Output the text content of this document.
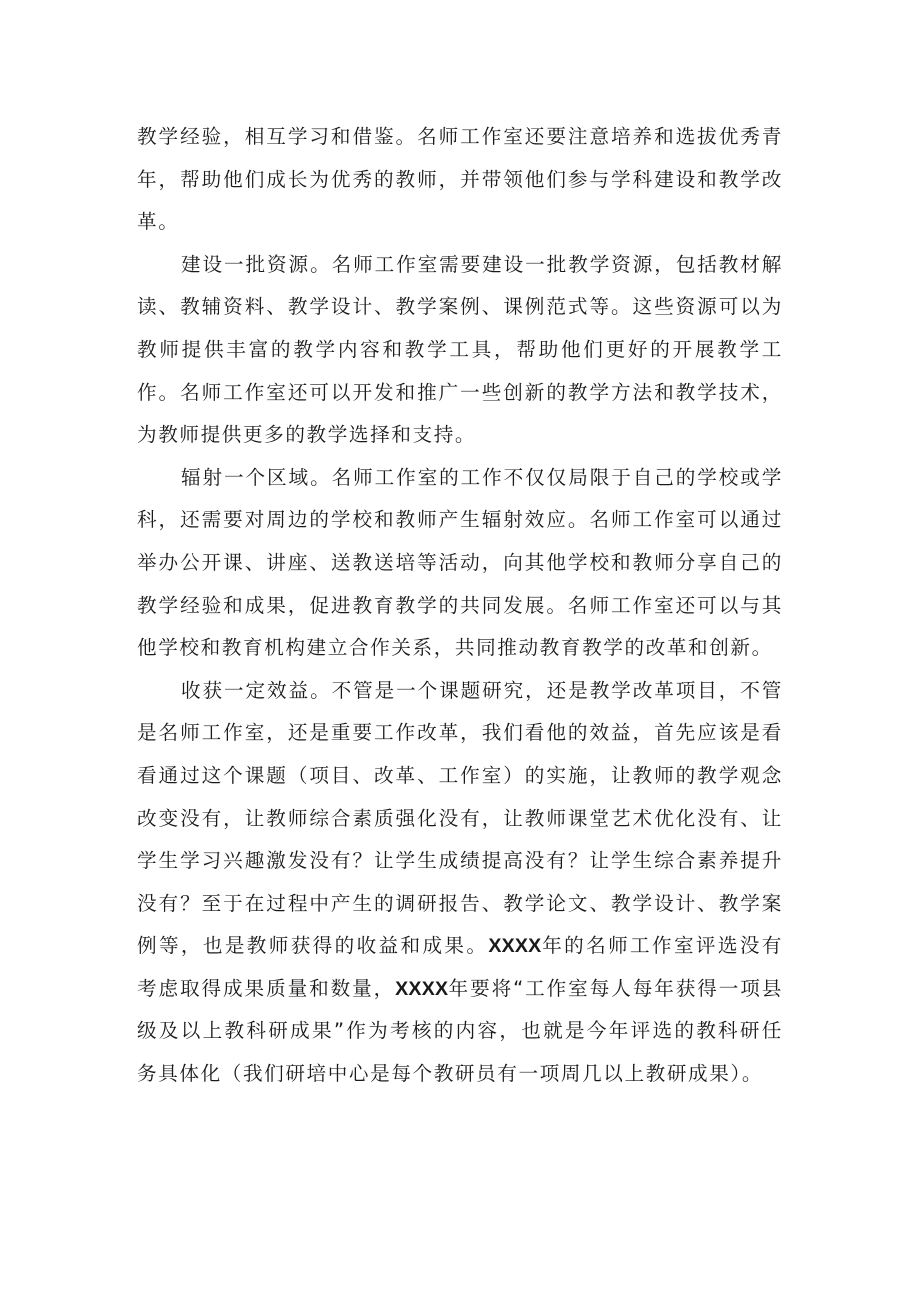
教学经验，相互学习和借鉴。名师工作室还要注意培养和选拔优秀青年，帮助他们成长为优秀的教师，并带领他们参与学科建设和教学改革。

建设一批资源。名师工作室需要建设一批教学资源，包括教材解读、教辅资料、教学设计、教学案例、课例范式等。这些资源可以为教师提供丰富的教学内容和教学工具，帮助他们更好的开展教学工作。名师工作室还可以开发和推广一些创新的教学方法和教学技术，为教师提供更多的教学选择和支持。

辐射一个区域。名师工作室的工作不仅仅局限于自己的学校或学科，还需要对周边的学校和教师产生辐射效应。名师工作室可以通过举办公开课、讲座、送教送培等活动，向其他学校和教师分享自己的教学经验和成果，促进教育教学的共同发展。名师工作室还可以与其他学校和教育机构建立合作关系，共同推动教育教学的改革和创新。

收获一定效益。不管是一个课题研究，还是教学改革项目，不管是名师工作室，还是重要工作改革，我们看他的效益，首先应该是看看通过这个课题（项目、改革、工作室）的实施，让教师的教学观念改变没有，让教师综合素质强化没有，让教师课堂艺术优化没有、让学生学习兴趣激发没有？让学生成绩提高没有？让学生综合素养提升没有？至于在过程中产生的调研报告、教学论文、教学设计、教学案例等，也是教师获得的收益和成果。XXXX年的名师工作室评选没有考虑取得成果质量和数量，XXXX年要将“工作室每人每年获得一项县级及以上教科研成果”作为考核的内容，也就是今年评选的教科研任务具体化（我们研培中心是每个教研员有一项周几以上教研成果）。
